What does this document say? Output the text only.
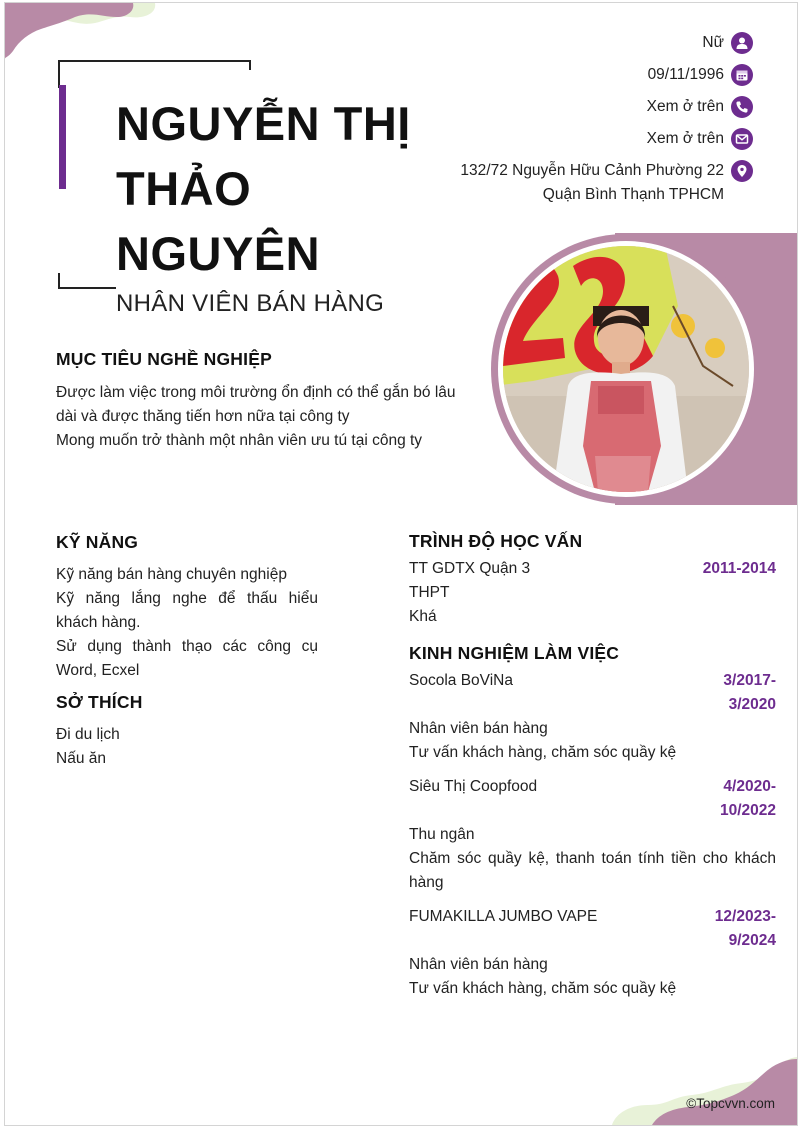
NGUYỄN THỊ THẢO NGUYÊN
NHÂN VIÊN BÁN HÀNG
Nữ
09/11/1996
Xem ở trên
Xem ở trên
132/72 Nguyễn Hữu Cảnh Phường 22
Quận Bình Thạnh TPHCM
MỤC TIÊU NGHỀ NGHIỆP
Được làm việc trong môi trường ổn định có thể gắn bó lâu dài và được thăng tiến hơn nữa tại công ty
Mong muốn trở thành một nhân viên ưu tú tại công ty
KỸ NĂNG
Kỹ năng bán hàng chuyên nghiệp
Kỹ năng lắng nghe để thấu hiểu khách hàng.
Sử dụng thành thạo các công cụ Word, Ecxel
SỞ THÍCH
Đi du lịch
Nấu ăn
TRÌNH ĐỘ HỌC VẤN
TT GDTX Quận 3	2011-2014
THPT
Khá
KINH NGHIỆM LÀM VIỆC
Socola BoViNa	3/2017-
3/2020
Nhân viên bán hàng
Tư vấn khách hàng, chăm sóc quầy kệ
Siêu Thị Coopfood	4/2020-
10/2022
Thu ngân
Chăm sóc quầy kệ, thanh toán tính tiền cho khách hàng
FUMAKILLA JUMBO VAPE	12/2023-
9/2024
Nhân viên bán hàng
Tư vấn khách hàng, chăm sóc quầy kệ
©Topcvvn.com
